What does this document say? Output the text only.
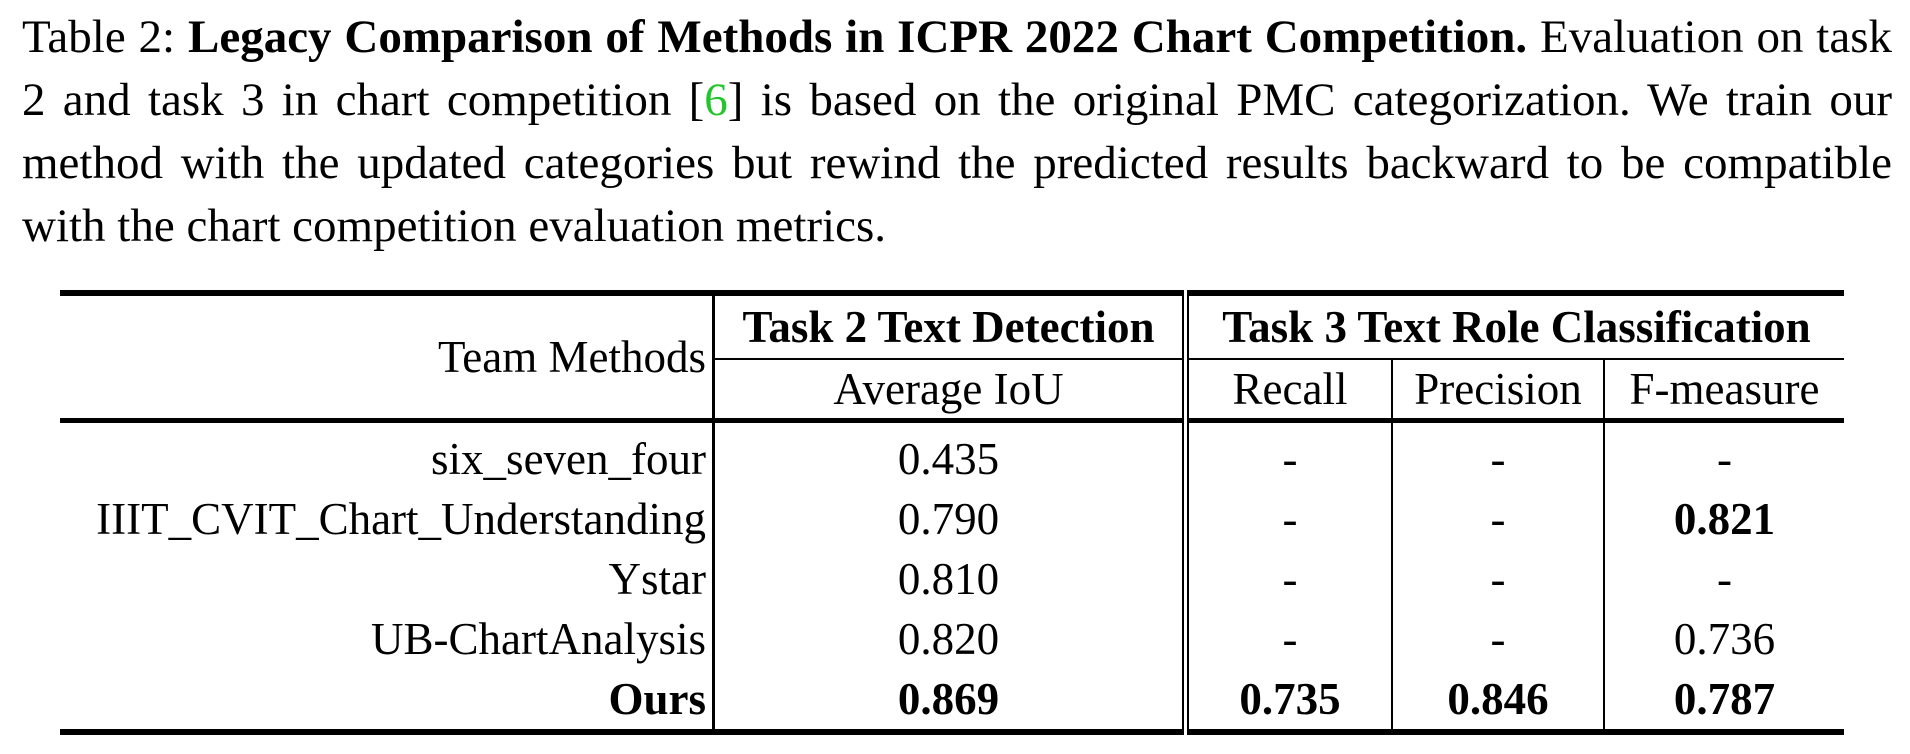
Table 2: Legacy Comparison of Methods in ICPR 2022 Chart Competition. Evaluation on task 2 and task 3 in chart competition [6] is based on the original PMC categorization. We train our method with the updated categories but rewind the predicted results backward to be compatible with the chart competition evaluation metrics.
Team Methods	Task 2 Text Detection	Task 3 Text Role Classification		
	Average IoU	Recall	Precision	F-measure
six_seven_four	0.435	-	-	-
IIIT_CVIT_Chart_Understanding	0.790	-	-	0.821
Ystar	0.810	-	-	-
UB-ChartAnalysis	0.820	-	-	0.736
Ours	0.869	0.735	0.846	0.787
